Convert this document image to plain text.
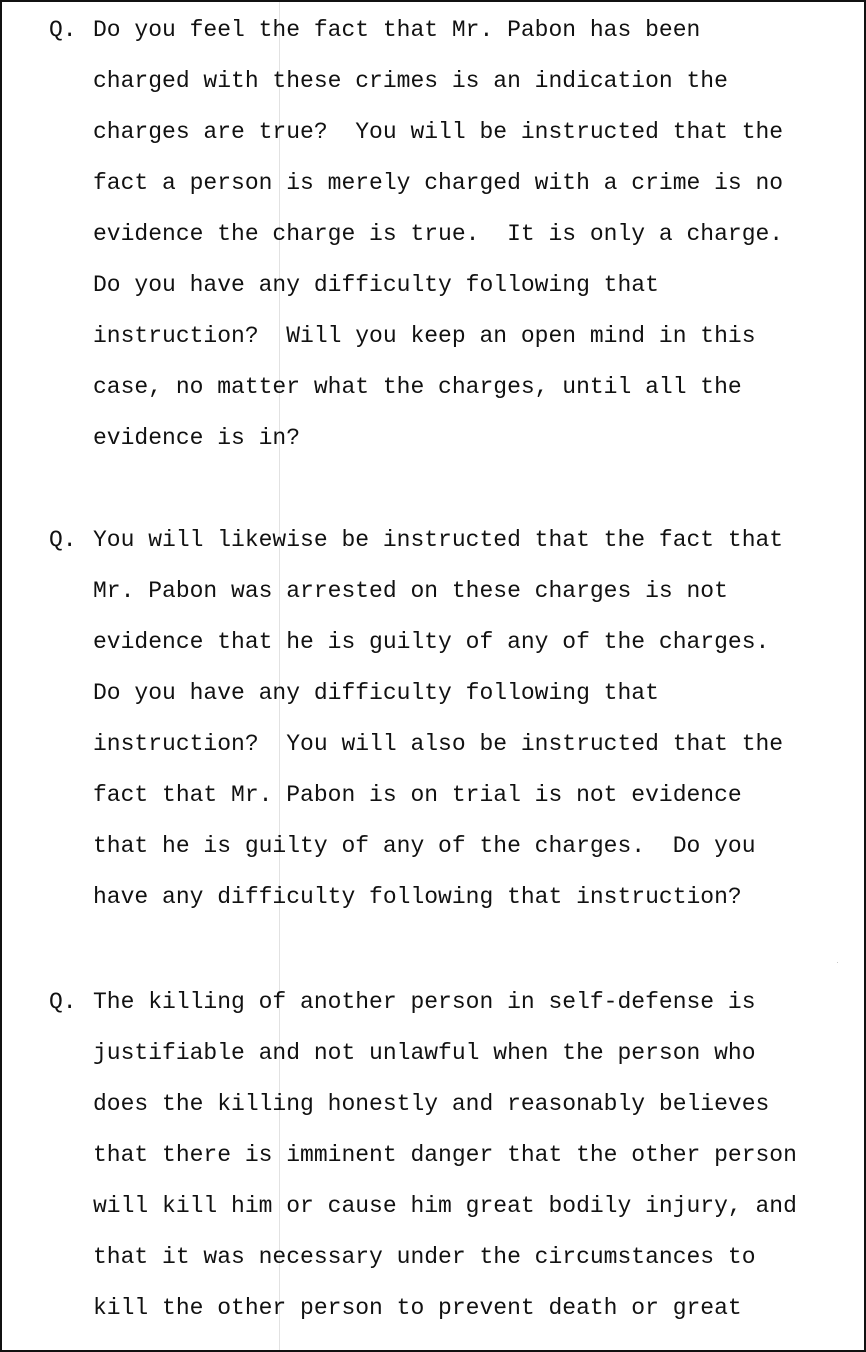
Q. Do you feel the fact that Mr. Pabon has been
charged with these crimes is an indication the
charges are true?  You will be instructed that the
fact a person is merely charged with a crime is no
evidence the charge is true.  It is only a charge.
Do you have any difficulty following that
instruction?  Will you keep an open mind in this
case, no matter what the charges, until all the
evidence is in?
Q. You will likewise be instructed that the fact that
Mr. Pabon was arrested on these charges is not
evidence that he is guilty of any of the charges.
Do you have any difficulty following that
instruction?  You will also be instructed that the
fact that Mr. Pabon is on trial is not evidence
that he is guilty of any of the charges.  Do you
have any difficulty following that instruction?
Q. The killing of another person in self-defense is
justifiable and not unlawful when the person who
does the killing honestly and reasonably believes
that there is imminent danger that the other person
will kill him or cause him great bodily injury, and
that it was necessary under the circumstances to
kill the other person to prevent death or great
